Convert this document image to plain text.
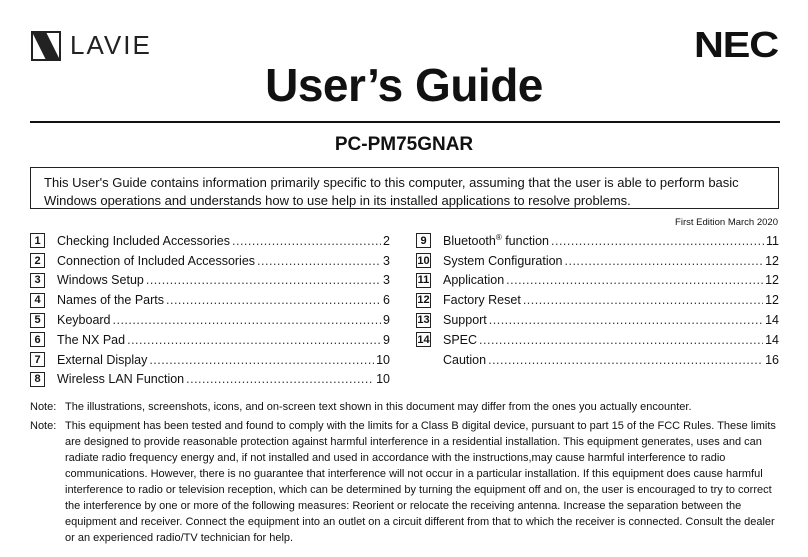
LAVIE	NEC
User’s Guide
PC-PM75GNAR
This User's Guide contains information primarily specific to this computer, assuming that the user is able to perform basic Windows operations and understands how to use help in its installed applications to resolve problems.
First Edition March 2020
1	Checking Included Accessories .....	2
2	Connection of Included Accessories .....	3
3	Windows Setup .....	3
4	Names of the Parts .....	6
5	Keyboard .....	9
6	The NX Pad .....	9
7	External Display .....	10
8	Wireless LAN Function .....	10
9	Bluetooth® function .....	11
10 System Configuration .....	12
11 Application .....	12
12 Factory Reset .....	12
13 Support .....	14
14 SPEC .....	14
Caution .....	16
Note: The illustrations, screenshots, icons, and on-screen text shown in this document may differ from the ones you actually encounter.
Note: This equipment has been tested and found to comply with the limits for a Class B digital device, pursuant to part 15 of the FCC Rules. These limits are designed to provide reasonable protection against harmful interference in a residential installation. This equipment generates, uses and can radiate radio frequency energy and, if not installed and used in accordance with the instructions,may cause harmful interference to radio communications. However, there is no guarantee that interference will not occur in a particular installation. If this equipment does cause harmful interference to radio or television reception, which can be determined by turning the equipment off and on, the user is encouraged to try to correct the interference by one or more of the following measures: Reorient or relocate the receiving antenna. Increase the separation between the equipment and receiver. Connect the equipment into an outlet on a circuit different from that to which the receiver is connected. Consult the dealer or an experienced radio/TV technician for help.
